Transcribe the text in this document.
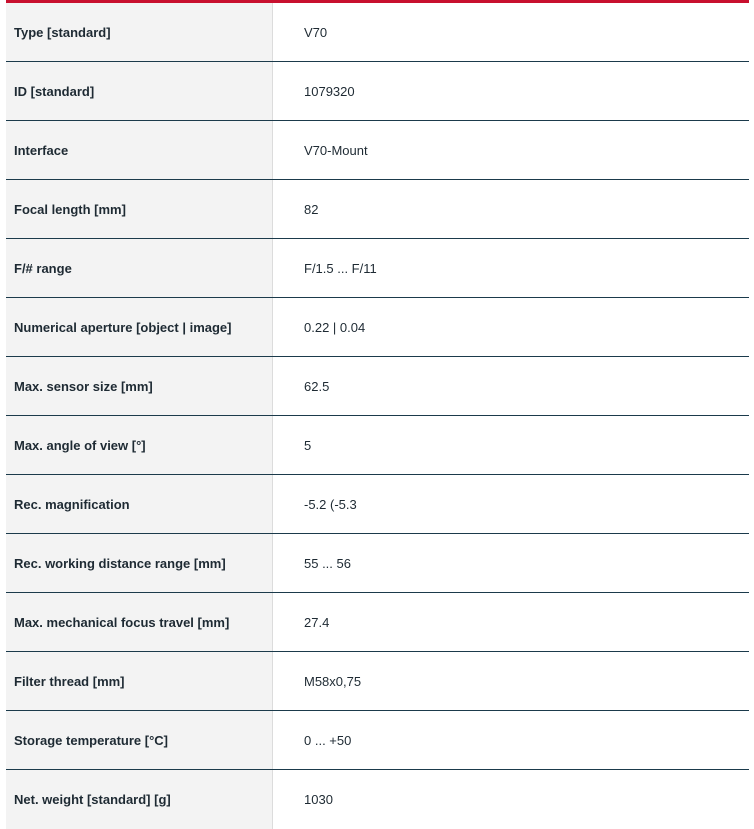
Type [standard]	V70
ID [standard]	1079320
Interface	V70-Mount
Focal length [mm]	82
F/# range	F/1.5 ... F/11
Numerical aperture [object | image]	0.22 | 0.04
Max. sensor size [mm]	62.5
Max. angle of view [°]	5
Rec. magnification	-5.2 (-5.3
Rec. working distance range [mm]	55 ... 56
Max. mechanical focus travel [mm]	27.4
Filter thread [mm]	M58x0,75
Storage temperature [°C]	0 ... +50
Net. weight [standard] [g]	1030
